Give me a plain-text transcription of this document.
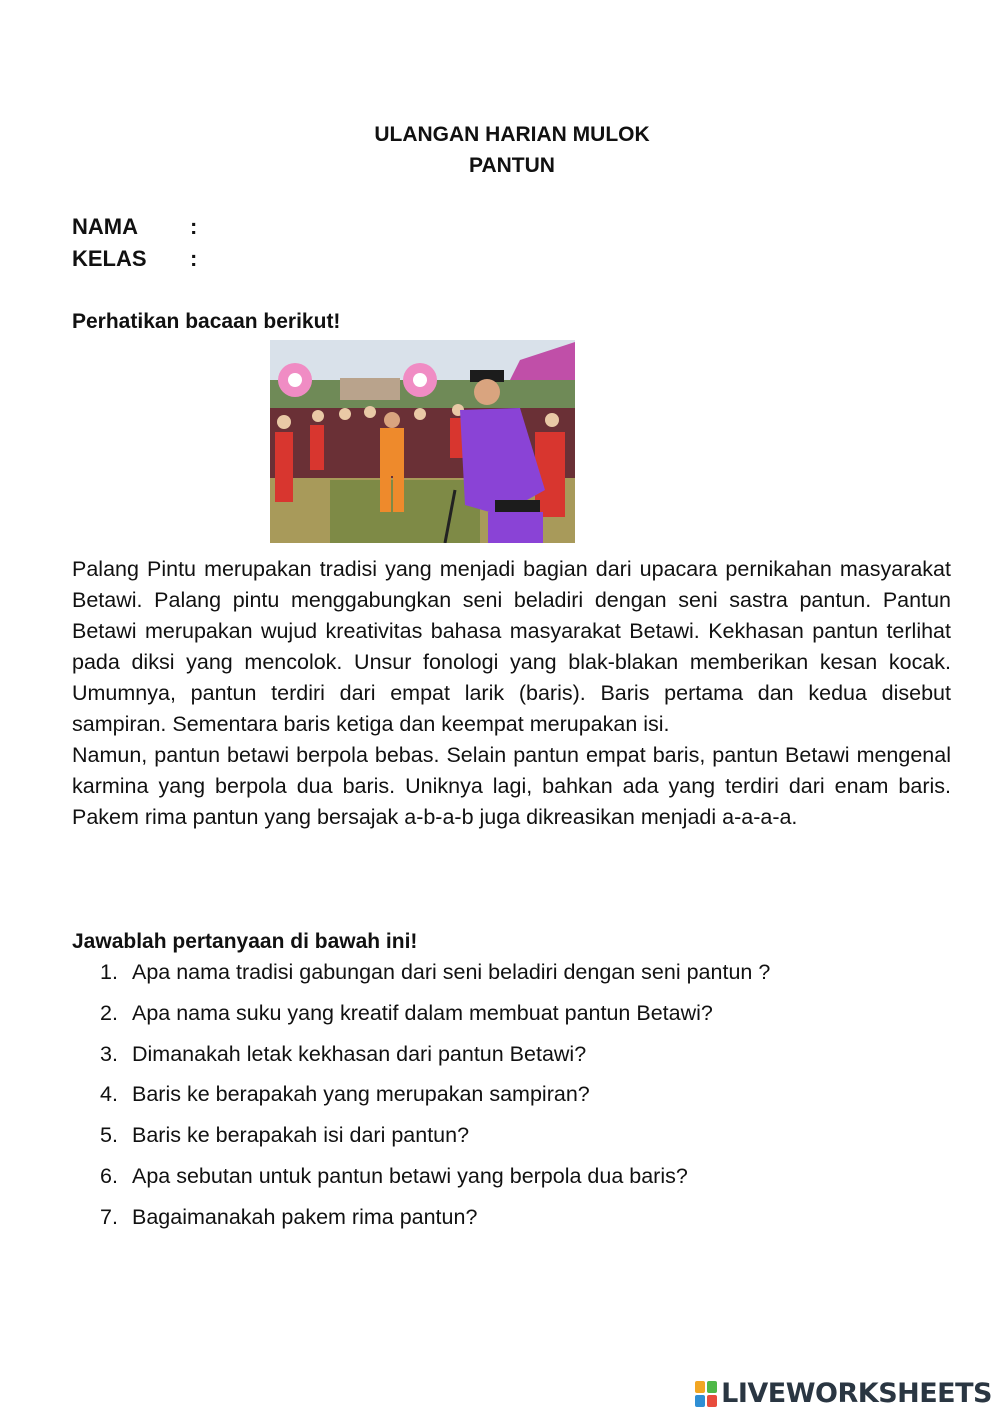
ULANGAN HARIAN MULOK
PANTUN
NAMA :
KELAS :
Perhatikan bacaan berikut!

Palang Pintu merupakan tradisi yang menjadi bagian dari upacara pernikahan masyarakat Betawi. Palang pintu menggabungkan seni beladiri dengan seni sastra pantun. Pantun Betawi merupakan wujud kreativitas bahasa masyarakat Betawi. Kekhasan pantun terlihat pada diksi yang mencolok. Unsur fonologi yang blak-blakan memberikan kesan kocak. Umumnya, pantun terdiri dari empat larik (baris). Baris pertama dan kedua disebut sampiran. Sementara baris ketiga dan keempat merupakan isi.

Namun, pantun betawi berpola bebas. Selain pantun empat baris, pantun Betawi mengenal karmina yang berpola dua baris. Uniknya lagi, bahkan ada yang terdiri dari enam baris. Pakem rima pantun yang bersajak a-b-a-b juga dikreasikan menjadi a-a-a-a.

Jawablah pertanyaan di bawah ini!
1. Apa nama tradisi gabungan dari seni beladiri dengan seni pantun ?
2. Apa nama suku yang kreatif dalam membuat pantun Betawi?
3. Dimanakah letak kekhasan dari pantun Betawi?
4. Baris ke berapakah yang merupakan sampiran?
5. Baris ke berapakah isi dari pantun?
6. Apa sebutan untuk pantun betawi yang berpola dua baris?
7. Bagaimanakah pakem rima pantun?
LIVEWORKSHEETS
